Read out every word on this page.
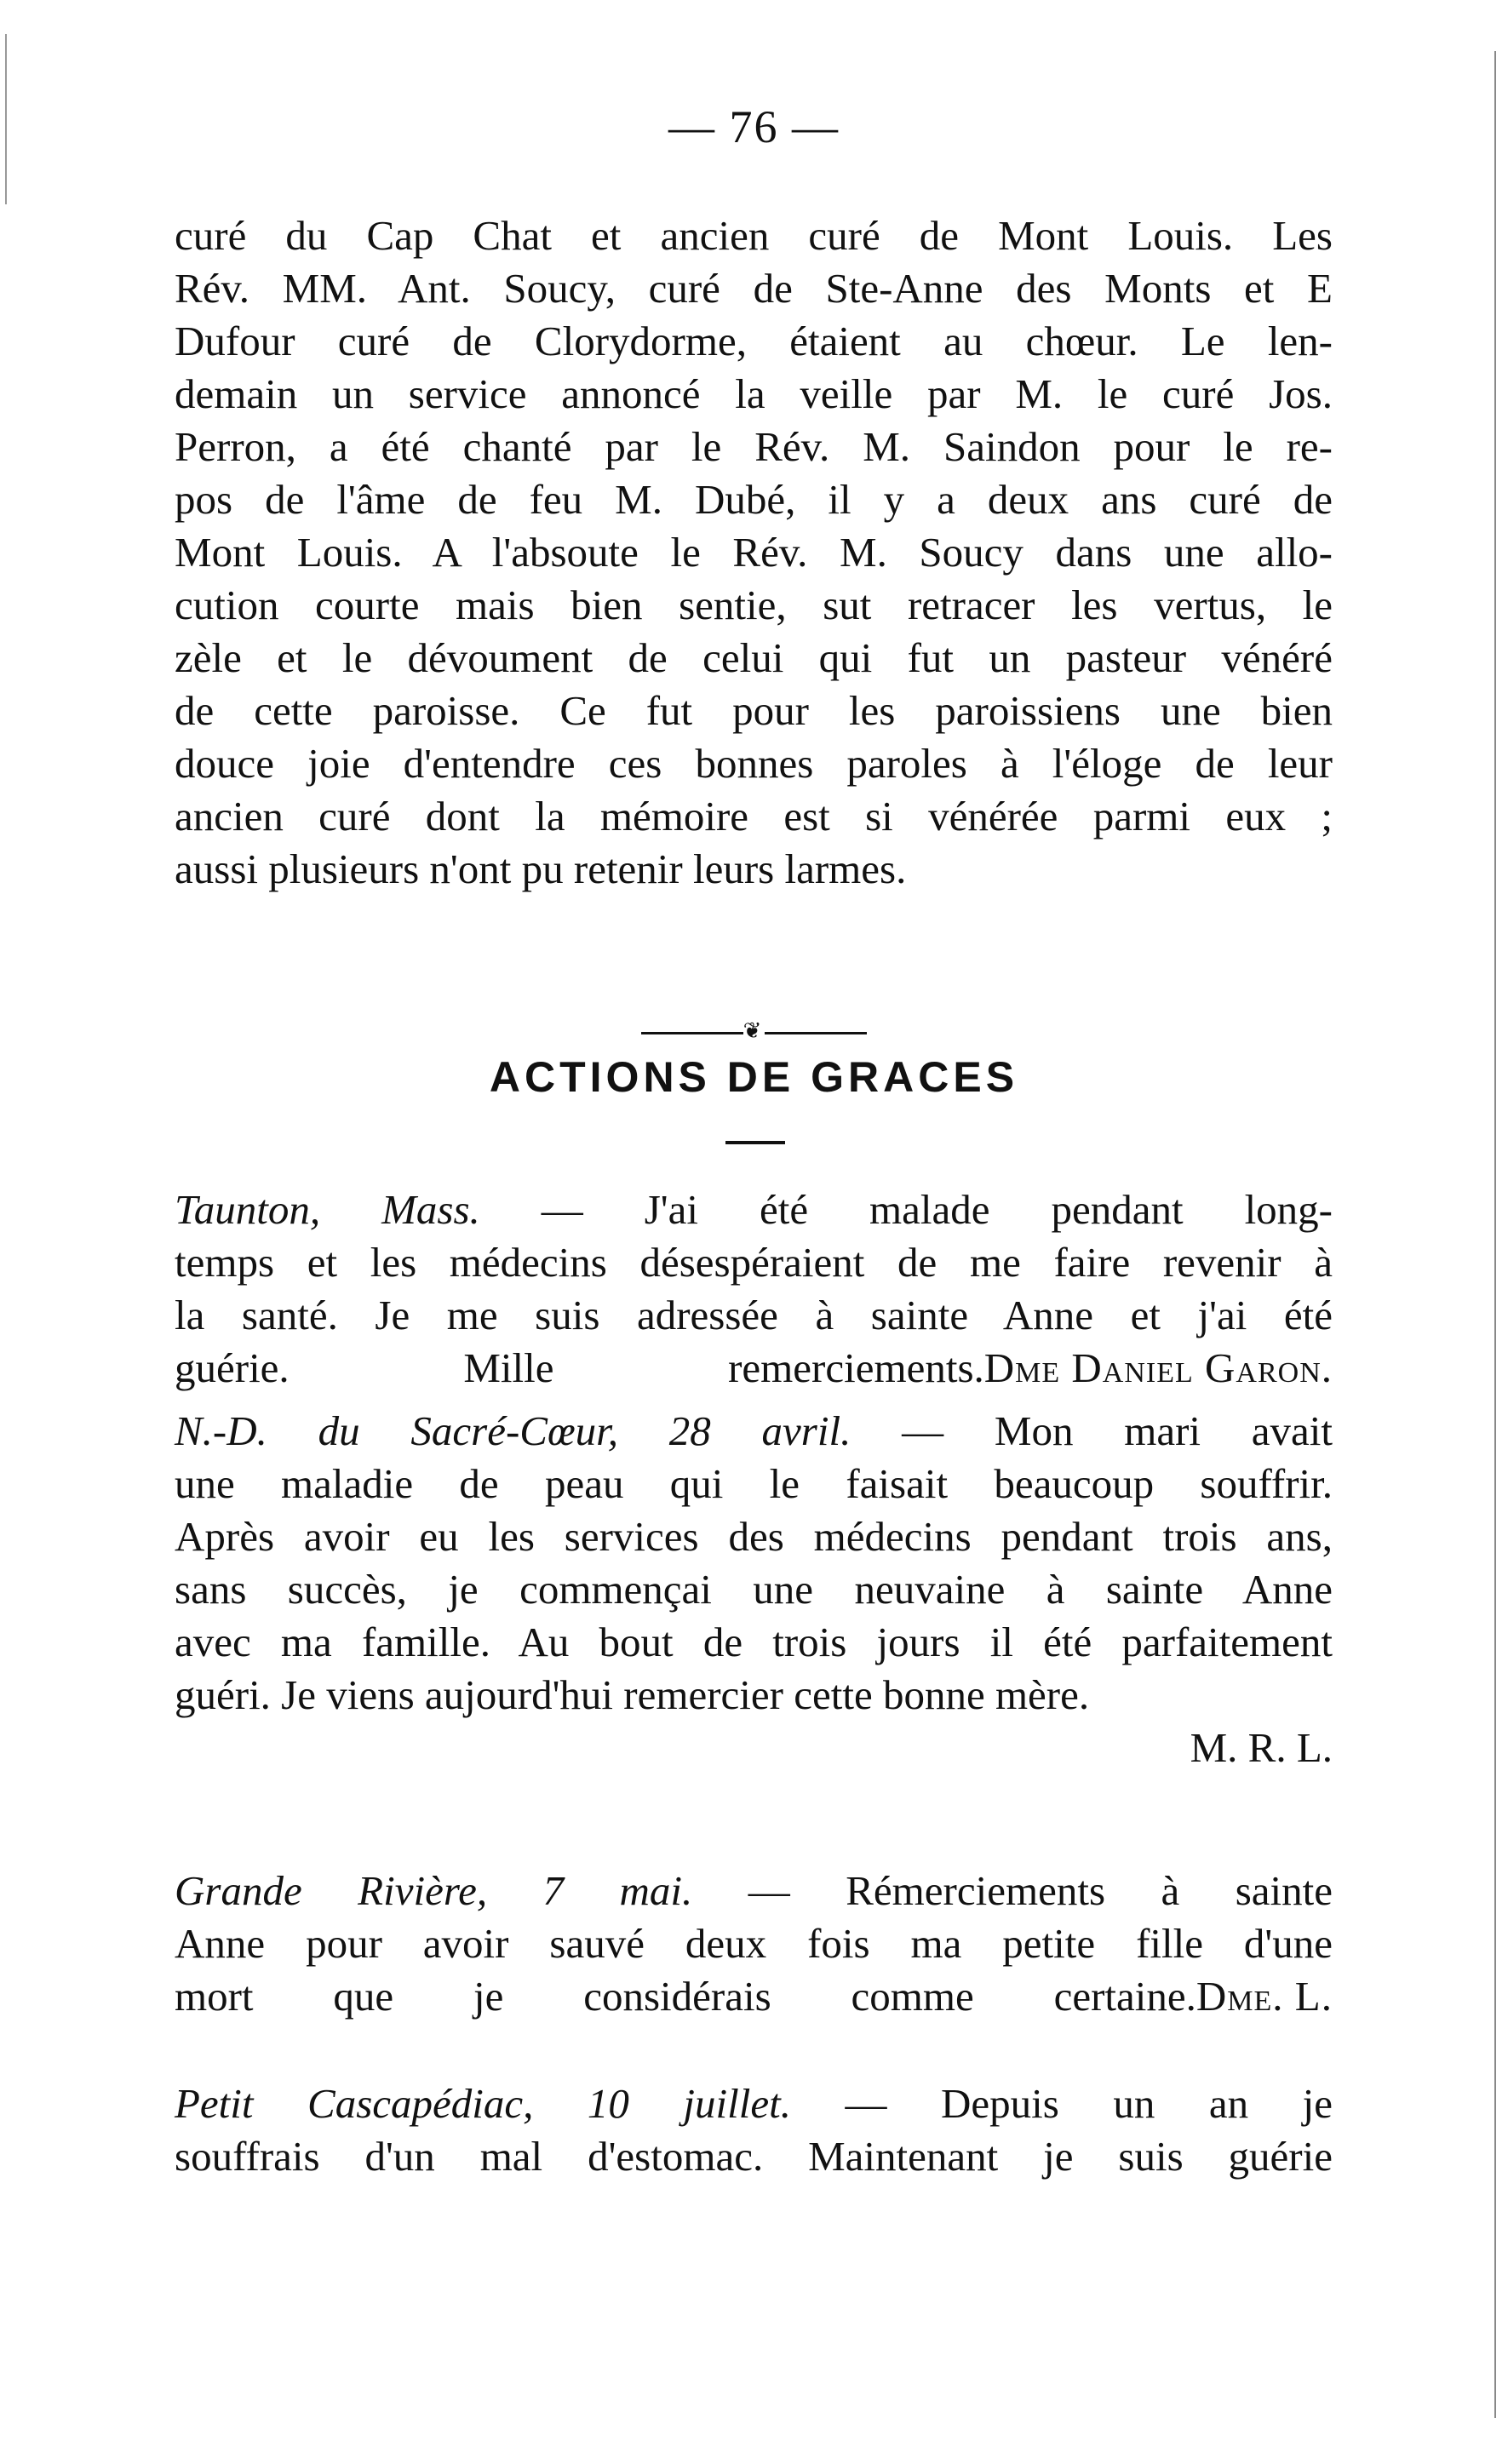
— 76 —
curé du Cap Chat et ancien curé de Mont Louis. Les
Rév. MM. Ant. Soucy, curé de Ste-Anne des Monts et E
Dufour curé de Clorydorme, étaient au chœur. Le len-
demain un service annoncé la veille par M. le curé Jos.
Perron, a été chanté par le Rév. M. Saindon pour le re-
pos de l'âme de feu M. Dubé, il y a deux ans curé de
Mont Louis. A l'absoute le Rév. M. Soucy dans une allo-
cution courte mais bien sentie, sut retracer les vertus, le
zèle et le dévoument de celui qui fut un pasteur vénéré
de cette paroisse. Ce fut pour les paroissiens une bien
douce joie d'entendre ces bonnes paroles à l'éloge de leur
ancien curé dont la mémoire est si vénérée parmi eux ;
aussi plusieurs n'ont pu retenir leurs larmes.
❦
ACTIONS DE GRACES
Taunton, Mass. — J'ai été malade pendant long-
temps et les médecins désespéraient de me faire revenir à
la santé. Je me suis adressée à sainte Anne et j'ai été
guérie. Mille remerciements. Dme Daniel Garon.
N.-D. du Sacré-Cœur, 28 avril. — Mon mari avait
une maladie de peau qui le faisait beaucoup souffrir.
Après avoir eu les services des médecins pendant trois ans,
sans succès, je commençai une neuvaine à sainte Anne
avec ma famille. Au bout de trois jours il été parfaitement
guéri. Je viens aujourd'hui remercier cette bonne mère.
M. R. L.
Grande Rivière, 7 mai. — Rémerciements à sainte
Anne pour avoir sauvé deux fois ma petite fille d'une
mort que je considérais comme certaine. Dme. L.
Petit Cascapédiac, 10 juillet. — Depuis un an je
souffrais d'un mal d'estomac. Maintenant je suis guérie
